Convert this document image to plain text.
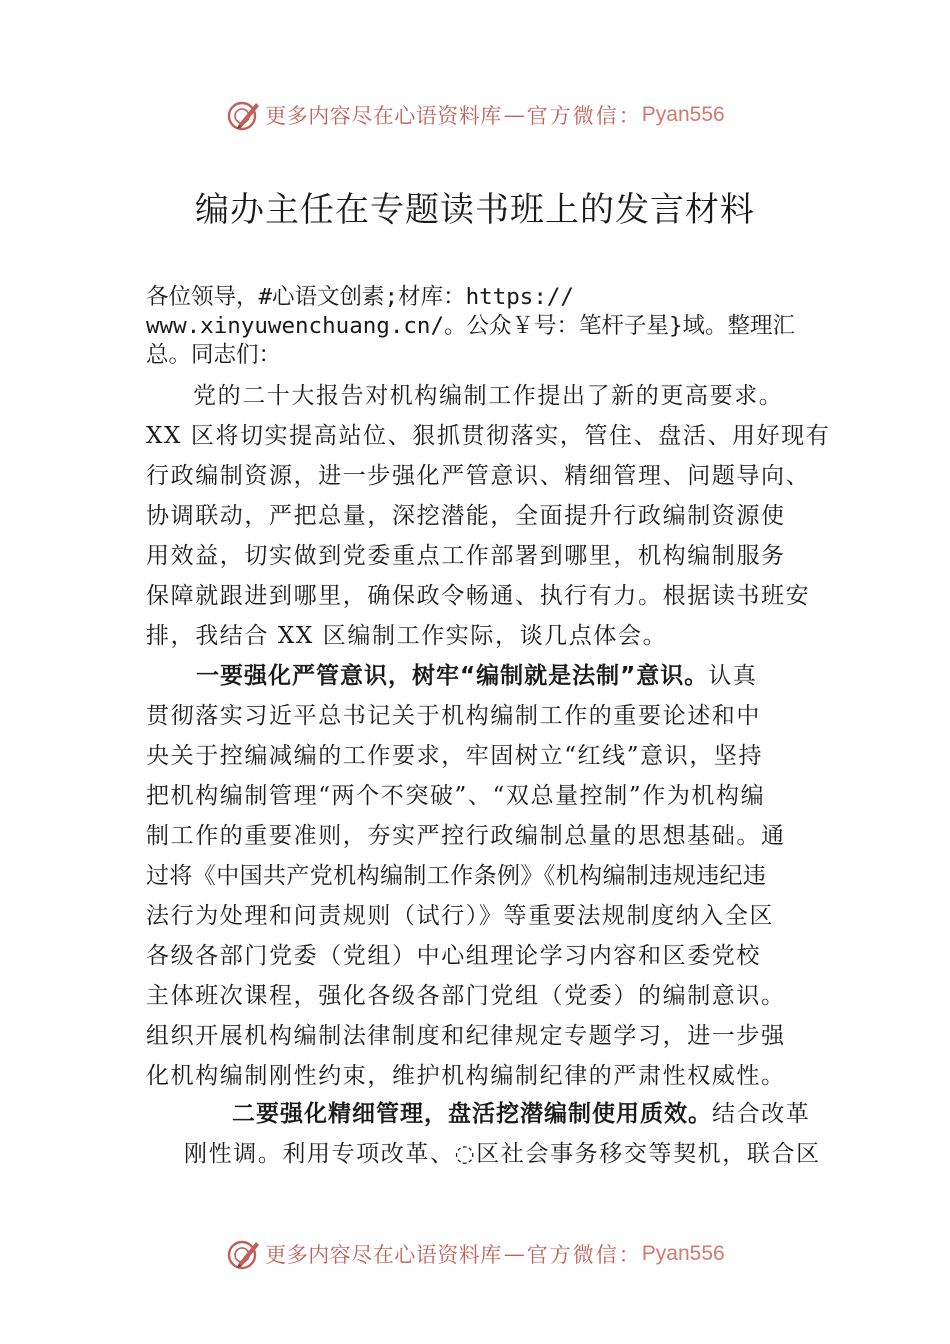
更多内容尽在心语资料库 — 官方微信： Pyan556
编办主任在专题读书班上的发言材料
各位领导，#心语文创素;材库：https://
www.xinyuwenchuang.cn/。公众￥号：笔杆子星}域。整理汇
总。同志们：
党的二十大报告对机构编制工作提出了新的更高要求。
XX 区将切实提高站位、狠抓贯彻落实，管住、盘活、用好现有
行政编制资源，进一步强化严管意识、精细管理、问题导向、
协调联动，严把总量，深挖潜能，全面提升行政编制资源使
用效益，切实做到党委重点工作部署到哪里，机构编制服务
保障就跟进到哪里，确保政令畅通、执行有力。根据读书班安
排，我结合 XX 区编制工作实际，谈几点体会。
一要强化严管意识，树牢“编制就是法制”意识。认真
贯彻落实习近平总书记关于机构编制工作的重要论述和中
央关于控编减编的工作要求，牢固树立“红线”意识，坚持
把机构编制管理“两个不突破”、“双总量控制”作为机构编
制工作的重要准则，夯实严控行政编制总量的思想基础。通
过将《中国共产党机构编制工作条例》《机构编制违规违纪违
法行为处理和问责规则（试行）》等重要法规制度纳入全区
各级各部门党委（党组）中心组理论学习内容和区委党校
主体班次课程，强化各级各部门党组（党委）的编制意识。
组织开展机构编制法律制度和纪律规定专题学习，进一步强
化机构编制刚性约束，维护机构编制纪律的严肃性权威性。
二要强化精细管理，盘活挖潜编制使用质效。结合改革
刚性调。利用专项改革、◌区社会事务移交等契机，联合区
更多内容尽在心语资料库 — 官方微信： Pyan556
